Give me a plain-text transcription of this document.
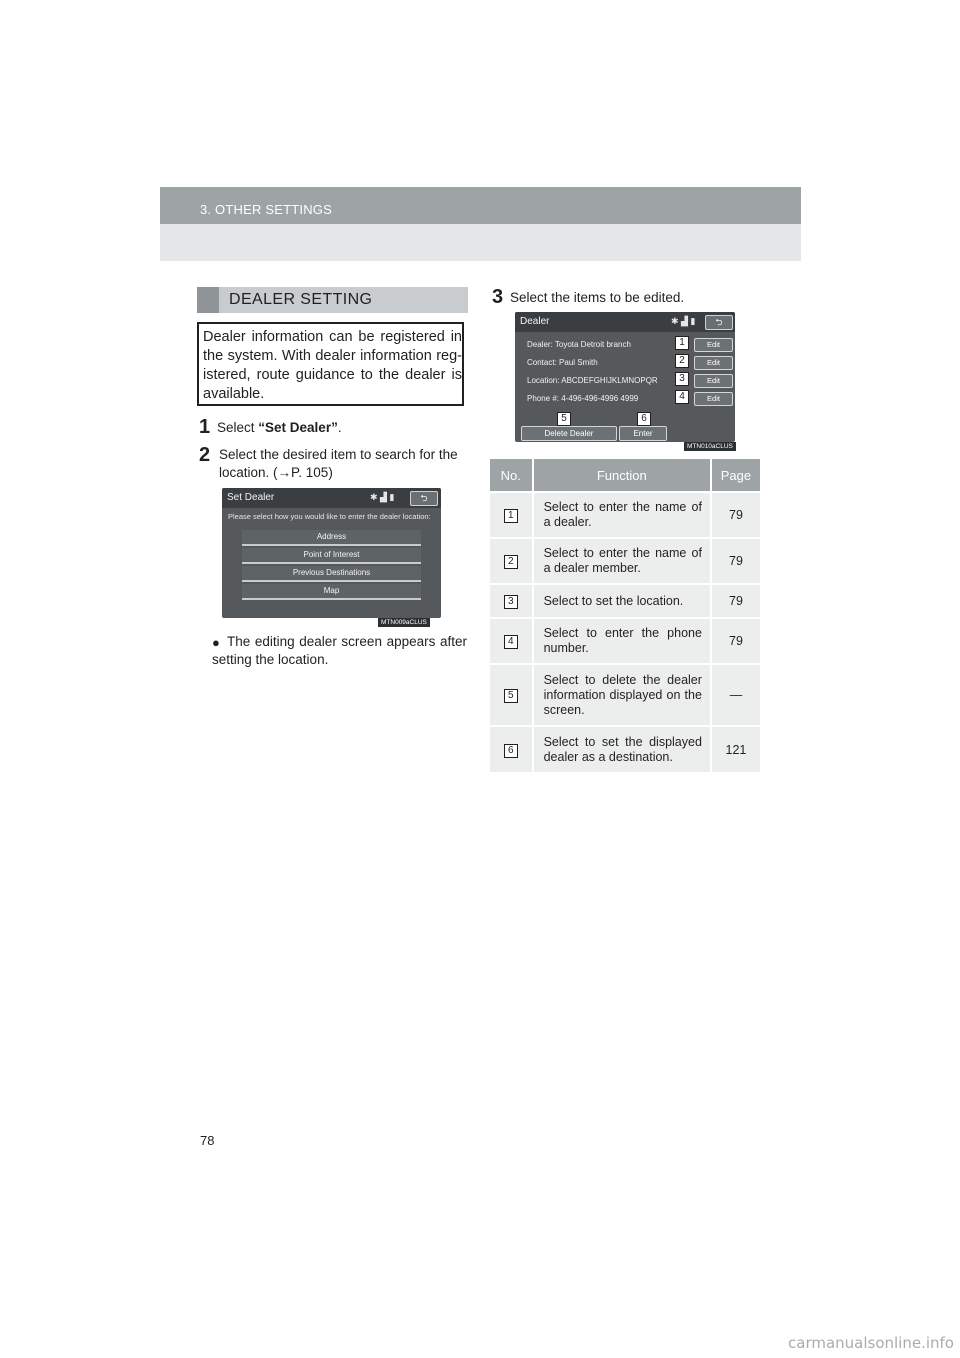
3. OTHER SETTINGS
DEALER SETTING
Dealer information can be registered in the system. With dealer information reg-istered, route guidance to the dealer is available.
1 Select “Set Dealer”.
2 Select the desired item to search for the location. (→P. 105)
Set Dealer	✱ ▟ ▮	⮌
Please select how you would like to enter the dealer location:
Address
Point of Interest
Previous Destinations
Map
MTN009aCLUS
● The editing dealer screen appears after setting the location.
3 Select the items to be edited.
Dealer	✱ ▟ ▮	⮌
Dealer: Toyota Detroit branch	Edit
1
Contact: Paul Smith	Edit
2
Location: ABCDEFGHIJKLMNOPQR	Edit
3
Phone #: 4-496-496-4996 4999	Edit
4
5	6
Delete Dealer	Enter
MTN010aCLUS
No.	Function	Page
1	Select to enter the name of a dealer.	79
2	Select to enter the name of a dealer member.	79
3	Select to set the location.	79
4	Select to enter the phone number.	79
5	Select to delete the dealer information displayed on the screen.	—
6	Select to set the displayed dealer as a destination.	121
78
carmanualsonline.info
